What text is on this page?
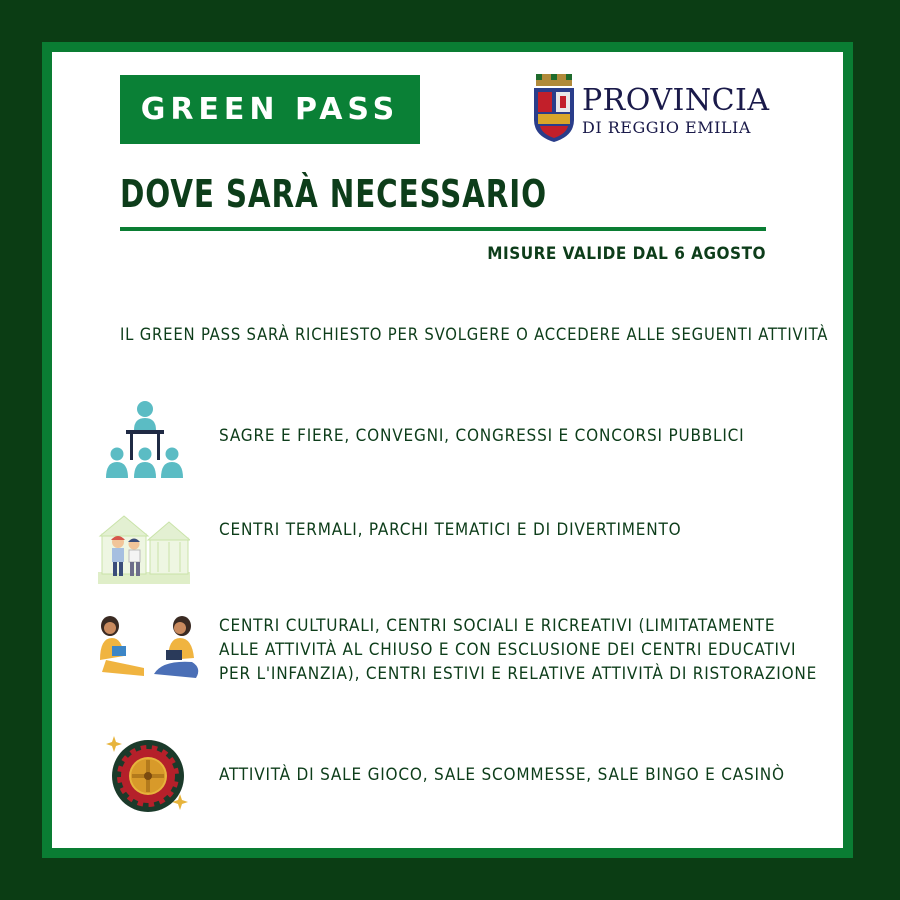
GREEN PASS	PROVINCIA
DI REGGIO EMILIA
DOVE SARÀ NECESSARIO
MISURE VALIDE DAL 6 AGOSTO
IL GREEN PASS SARÀ RICHIESTO PER SVOLGERE O ACCEDERE ALLE SEGUENTI ATTIVITÀ
SAGRE E FIERE, CONVEGNI, CONGRESSI E CONCORSI PUBBLICI
CENTRI TERMALI, PARCHI TEMATICI E DI DIVERTIMENTO
CENTRI CULTURALI, CENTRI SOCIALI E RICREATIVI (LIMITATAMENTE
ALLE ATTIVITÀ AL CHIUSO E CON ESCLUSIONE DEI CENTRI EDUCATIVI
PER L'INFANZIA), CENTRI ESTIVI E RELATIVE ATTIVITÀ DI RISTORAZIONE
ATTIVITÀ DI SALE GIOCO, SALE SCOMMESSE, SALE BINGO E CASINÒ
